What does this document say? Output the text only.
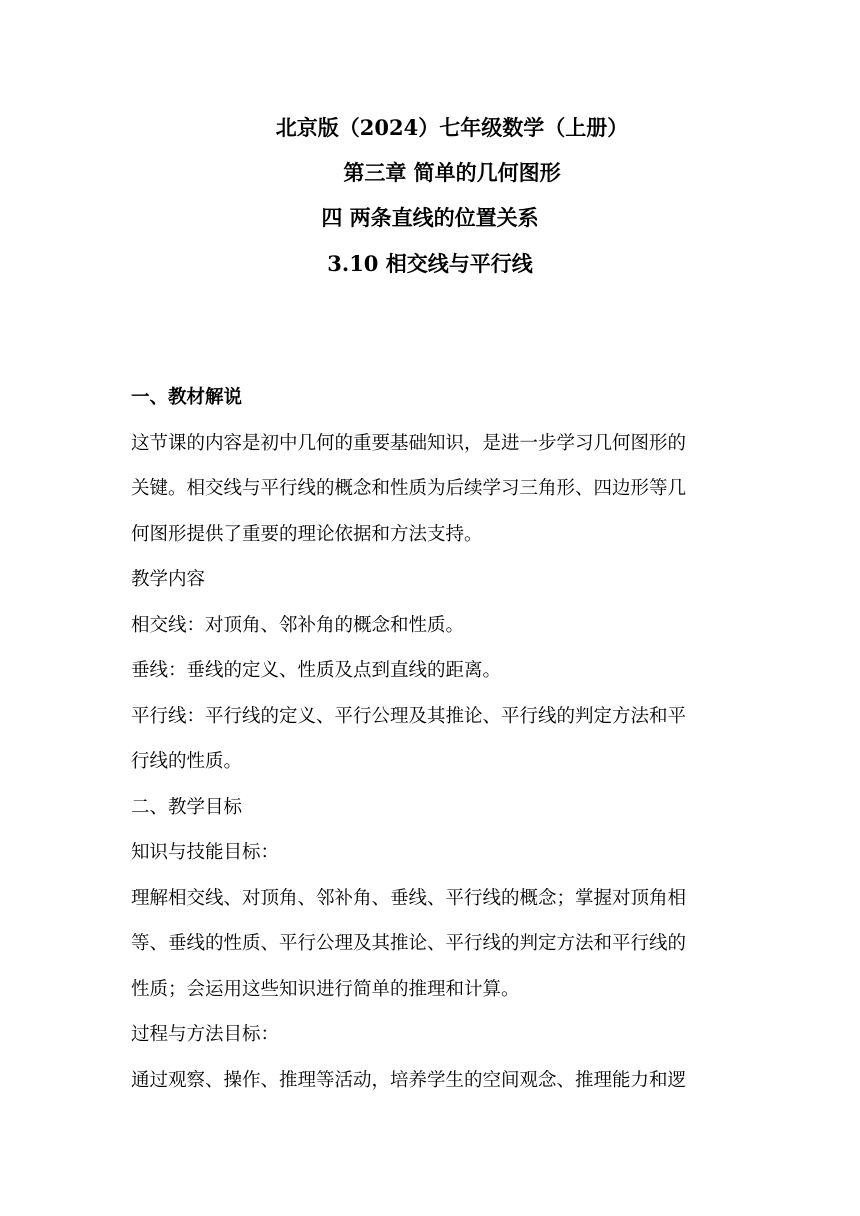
北京版（2024）七年级数学（上册）
第三章 简单的几何图形
四 两条直线的位置关系
3.10 相交线与平行线

一、教材解说

这节课的内容是初中几何的重要基础知识，是进一步学习几何图形的

关键。相交线与平行线的概念和性质为后续学习三角形、四边形等几

何图形提供了重要的理论依据和方法支持。

教学内容

相交线：对顶角、邻补角的概念和性质。

垂线：垂线的定义、性质及点到直线的距离。

平行线：平行线的定义、平行公理及其推论、平行线的判定方法和平

行线的性质。

二、教学目标

知识与技能目标：

理解相交线、对顶角、邻补角、垂线、平行线的概念；掌握对顶角相

等、垂线的性质、平行公理及其推论、平行线的判定方法和平行线的

性质；会运用这些知识进行简单的推理和计算。

过程与方法目标：

通过观察、操作、推理等活动，培养学生的空间观念、推理能力和逻
